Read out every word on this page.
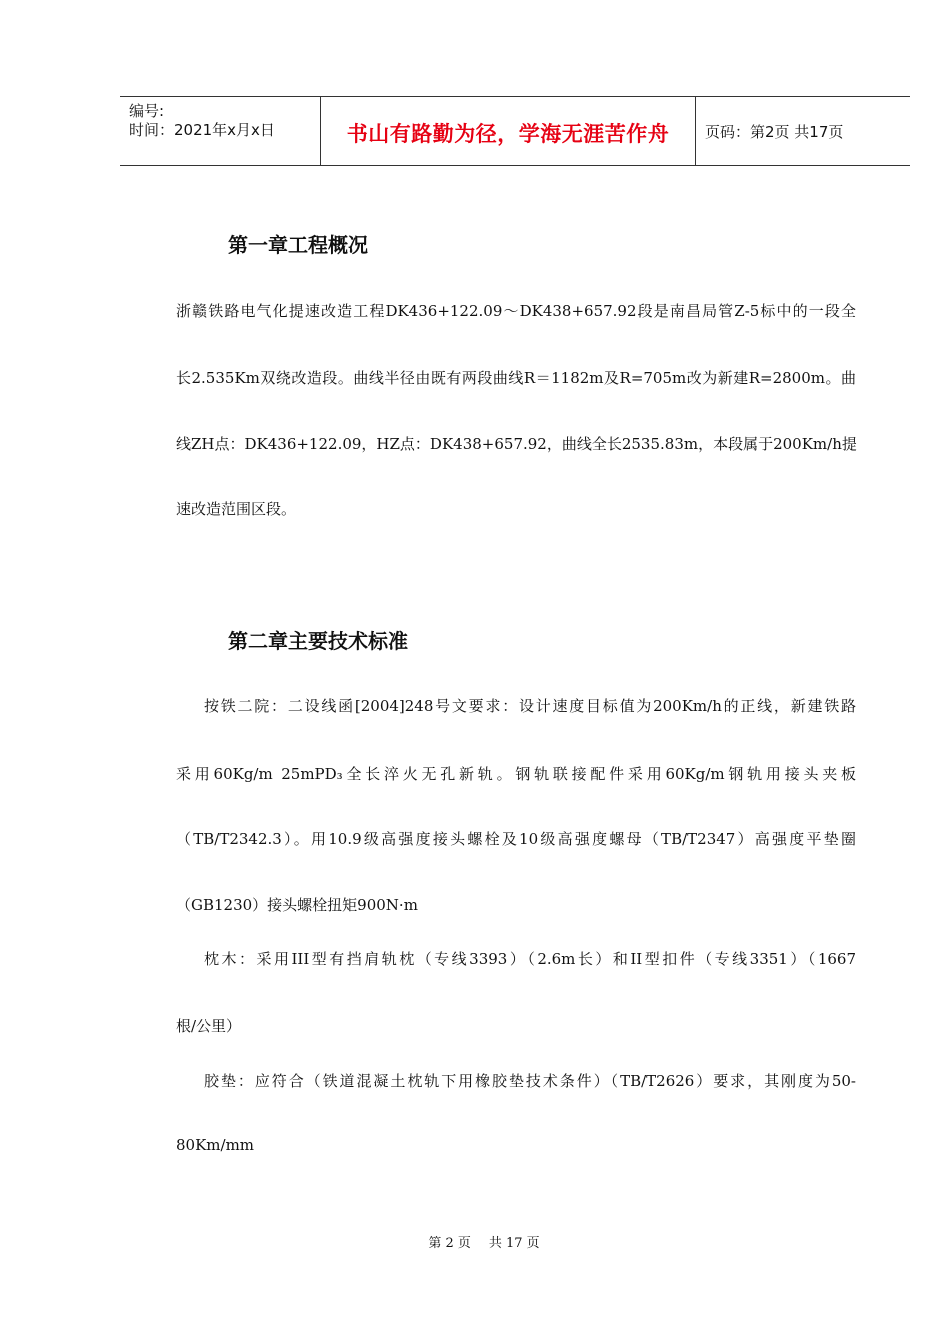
编号:
时间：2021年x月x日	书山有路勤为径，学海无涯苦作舟	页码：第2页 共17页
第一章工程概况
浙赣铁路电气化提速改造工程DK436+122.09～DK438+657.92段是南昌局管Z-5标中的一段全
长2.535Km双绕改造段。曲线半径由既有两段曲线R＝1182m及R=705m改为新建R=2800m。曲
线ZH点：DK436+122.09，HZ点：DK438+657.92，曲线全长2535.83m，本段属于200Km/h提
速改造范围区段。
第二章主要技术标准
按铁二院：二设线函[2004]248号文要求：设计速度目标值为200Km/h的正线，新建铁路
采用60Kg/m 25mPD₃全长淬火无孔新轨。钢轨联接配件采用60Kg/m钢轨用接头夹板
（TB/T2342.3）。用10.9级高强度接头螺栓及10级高强度螺母（TB/T2347）高强度平垫圈
（GB1230）接头螺栓扭矩900N·m
枕木：采用III型有挡肩轨枕（专线3393）（2.6m长）和II型扣件（专线3351）（1667
根/公里）
胶垫：应符合（铁道混凝土枕轨下用橡胶垫技术条件）（TB/T2626）要求，其刚度为50-
80Km/mm
第 2 页 共 17 页
